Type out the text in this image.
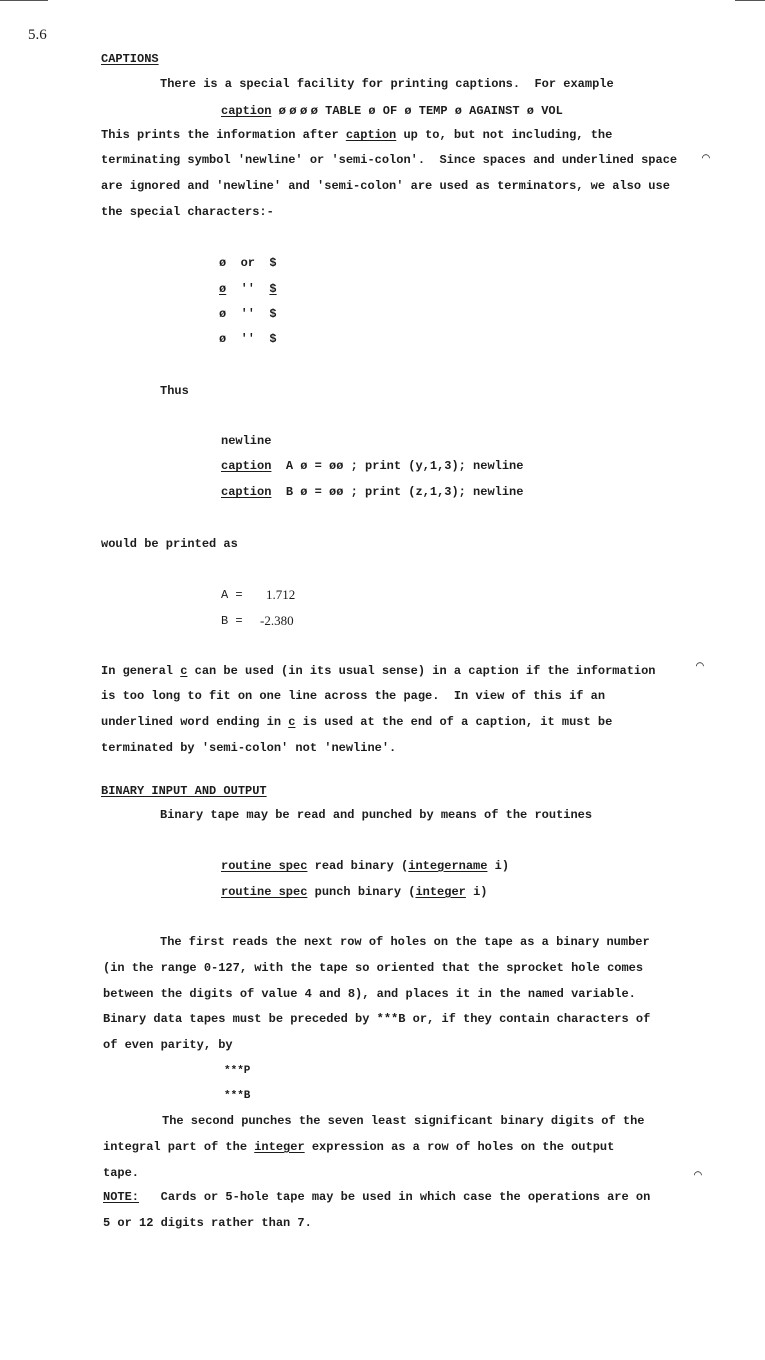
5.6
CAPTIONS
There is a special facility for printing captions.  For example
caption ø ø ø ø TABLE ø OF ø TEMP ø AGAINST ø VOL
This prints the information after caption up to, but not including, the
terminating symbol 'newline' or 'semi-colon'.  Since spaces and underlined space
are ignored and 'newline' and 'semi-colon' are used as terminators, we also use
the special characters:-
⌒
ø  or  $
ø '' $
ø  ''  $
ø  ''  $
Thus
newline
caption  A ø = øø ; print (y,1,3); newline
caption  B ø = øø ; print (z,1,3); newline
would be printed as
A = 1.712
B = -2.380
In general c can be used (in its usual sense) in a caption if the information
is too long to fit on one line across the page.  In view of this if an
underlined word ending in c is used at the end of a caption, it must be
terminated by 'semi-colon' not 'newline'.
⌒
BINARY INPUT AND OUTPUT
Binary tape may be read and punched by means of the routines
routine spec read binary (integername i)
routine spec punch binary (integer i)
The first reads the next row of holes on the tape as a binary number
(in the range 0-127, with the tape so oriented that the sprocket hole comes
between the digits of value 4 and 8), and places it in the named variable.
Binary data tapes must be preceded by ***B or, if they contain characters of
of even parity, by
***P
***B
The second punches the seven least significant binary digits of the
integral part of the integer expression as a row of holes on the output
tape.	⌒
NOTE: Cards or 5-hole tape may be used in which case the operations are on
5 or 12 digits rather than 7.
